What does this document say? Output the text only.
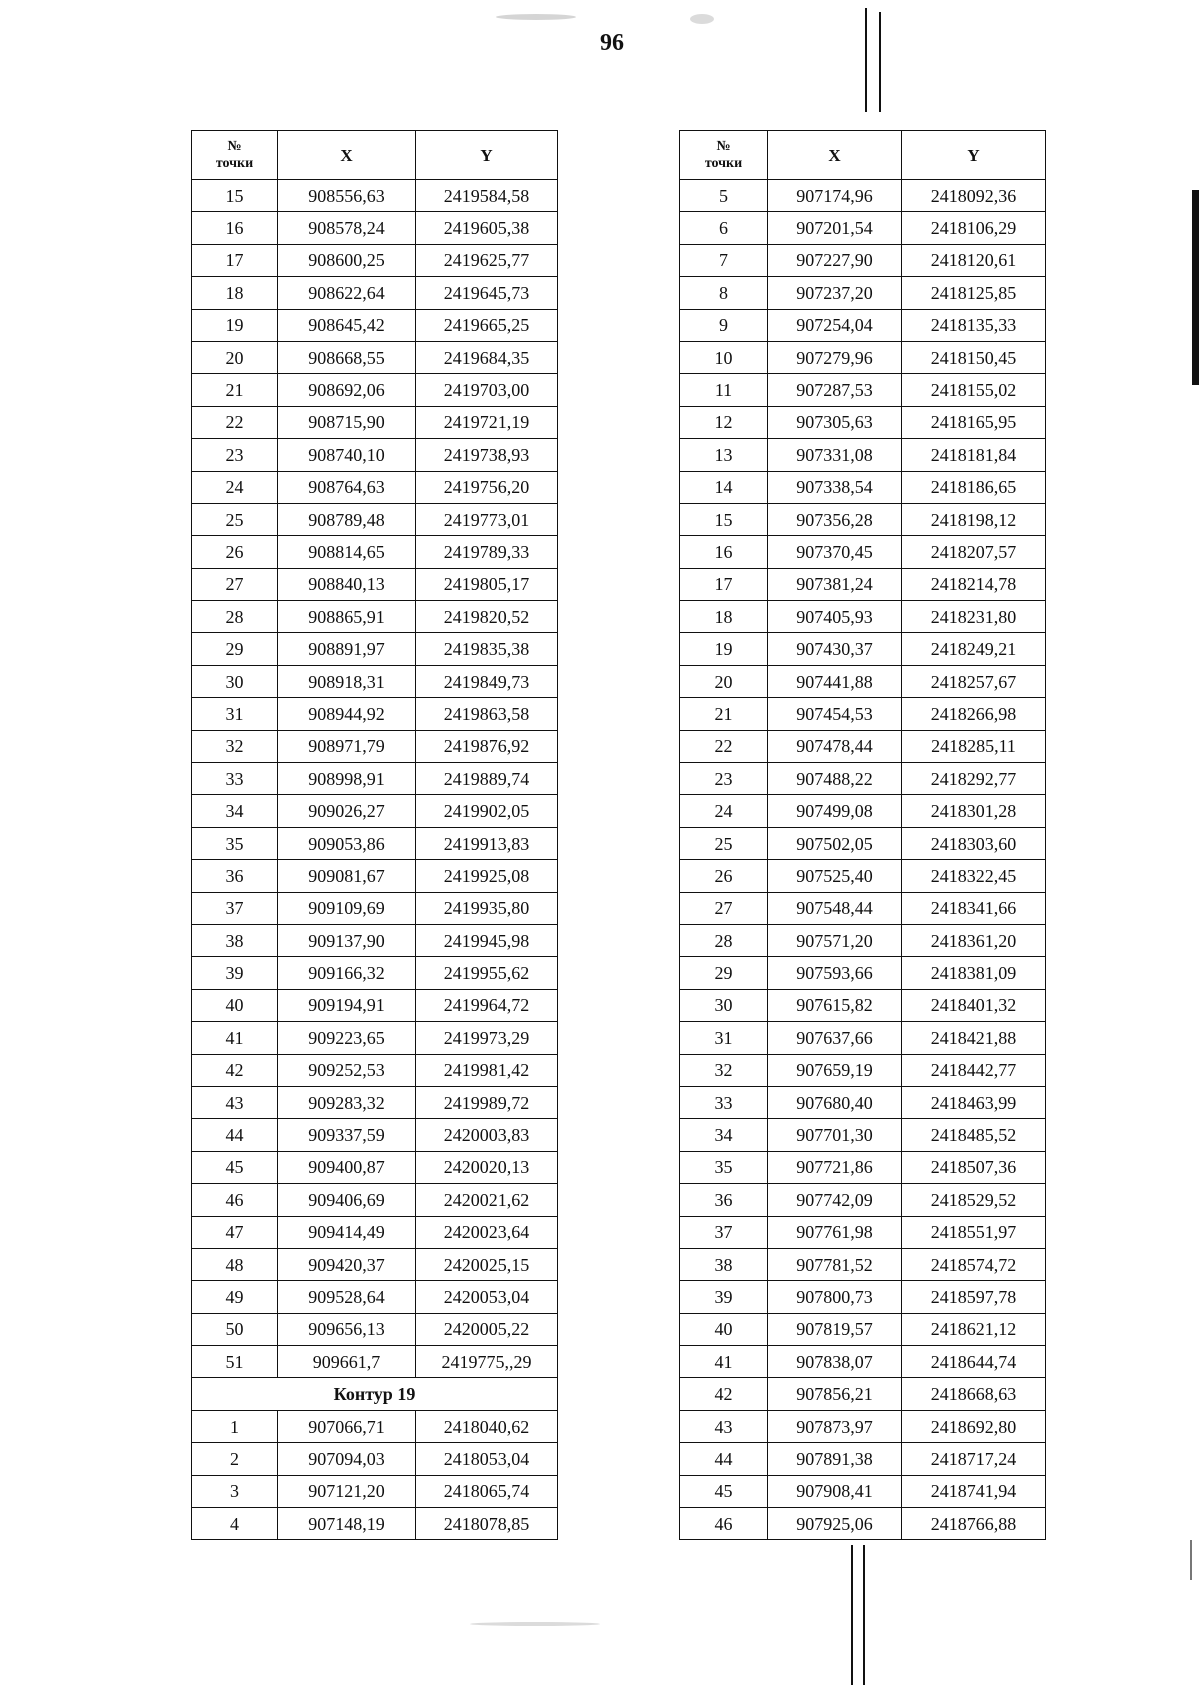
96
№
точки	X	Y
15	908556,63	2419584,58
16	908578,24	2419605,38
17	908600,25	2419625,77
18	908622,64	2419645,73
19	908645,42	2419665,25
20	908668,55	2419684,35
21	908692,06	2419703,00
22	908715,90	2419721,19
23	908740,10	2419738,93
24	908764,63	2419756,20
25	908789,48	2419773,01
26	908814,65	2419789,33
27	908840,13	2419805,17
28	908865,91	2419820,52
29	908891,97	2419835,38
30	908918,31	2419849,73
31	908944,92	2419863,58
32	908971,79	2419876,92
33	908998,91	2419889,74
34	909026,27	2419902,05
35	909053,86	2419913,83
36	909081,67	2419925,08
37	909109,69	2419935,80
38	909137,90	2419945,98
39	909166,32	2419955,62
40	909194,91	2419964,72
41	909223,65	2419973,29
42	909252,53	2419981,42
43	909283,32	2419989,72
44	909337,59	2420003,83
45	909400,87	2420020,13
46	909406,69	2420021,62
47	909414,49	2420023,64
48	909420,37	2420025,15
49	909528,64	2420053,04
50	909656,13	2420005,22
51	909661,7	2419775,,29
Контур 19		
1	907066,71	2418040,62
2	907094,03	2418053,04
3	907121,20	2418065,74
4	907148,19	2418078,85
№
точки	X	Y
5	907174,96	2418092,36
6	907201,54	2418106,29
7	907227,90	2418120,61
8	907237,20	2418125,85
9	907254,04	2418135,33
10	907279,96	2418150,45
11	907287,53	2418155,02
12	907305,63	2418165,95
13	907331,08	2418181,84
14	907338,54	2418186,65
15	907356,28	2418198,12
16	907370,45	2418207,57
17	907381,24	2418214,78
18	907405,93	2418231,80
19	907430,37	2418249,21
20	907441,88	2418257,67
21	907454,53	2418266,98
22	907478,44	2418285,11
23	907488,22	2418292,77
24	907499,08	2418301,28
25	907502,05	2418303,60
26	907525,40	2418322,45
27	907548,44	2418341,66
28	907571,20	2418361,20
29	907593,66	2418381,09
30	907615,82	2418401,32
31	907637,66	2418421,88
32	907659,19	2418442,77
33	907680,40	2418463,99
34	907701,30	2418485,52
35	907721,86	2418507,36
36	907742,09	2418529,52
37	907761,98	2418551,97
38	907781,52	2418574,72
39	907800,73	2418597,78
40	907819,57	2418621,12
41	907838,07	2418644,74
42	907856,21	2418668,63
43	907873,97	2418692,80
44	907891,38	2418717,24
45	907908,41	2418741,94
46	907925,06	2418766,88
